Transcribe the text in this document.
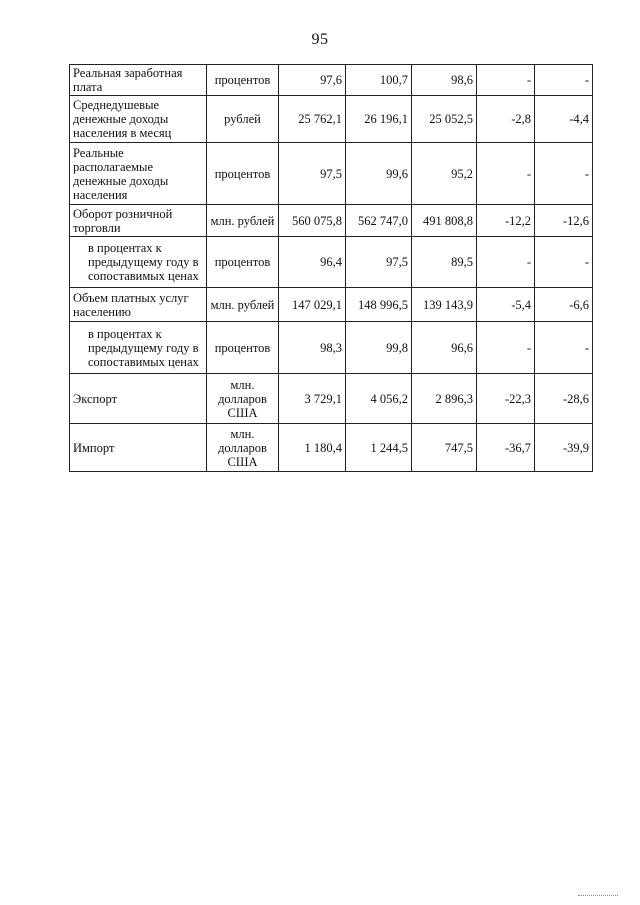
95
Реальная заработная плата	процентов	97,6	100,7	98,6	-	-
Среднедушевые денежные доходы населения в месяц	рублей	25 762,1	26 196,1	25 052,5	-2,8	-4,4
Реальные располагаемые денежные доходы населения	процентов	97,5	99,6	95,2	-	-
Оборот розничной торговли	млн. рублей	560 075,8	562 747,0	491 808,8	-12,2	-12,6
в процентах к предыдущему году в сопоставимых ценах	процентов	96,4	97,5	89,5	-	-
Объем платных услуг населению	млн. рублей	147 029,1	148 996,5	139 143,9	-5,4	-6,6
в процентах к предыдущему году в сопоставимых ценах	процентов	98,3	99,8	96,6	-	-
Экспорт	млн. долларов США	3 729,1	4 056,2	2 896,3	-22,3	-28,6
Импорт	млн. долларов США	1 180,4	1 244,5	747,5	-36,7	-39,9
